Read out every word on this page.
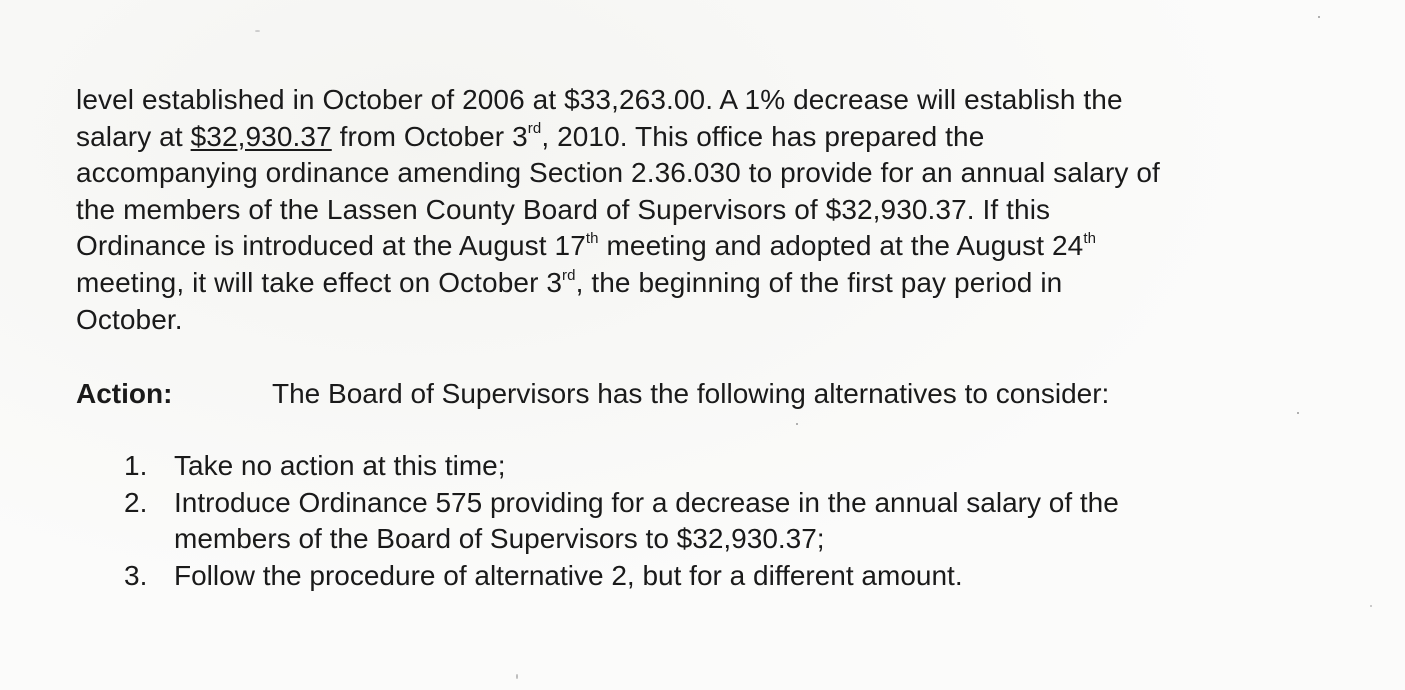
level established in October of 2006 at $33,263.00. A 1% decrease will establish the
salary at $32,930.37 from October 3rd, 2010. This office has prepared the
accompanying ordinance amending Section 2.36.030 to provide for an annual salary of
the members of the Lassen County Board of Supervisors of $32,930.37. If this
Ordinance is introduced at the August 17th meeting and adopted at the August 24th
meeting, it will take effect on October 3rd, the beginning of the first pay period in
October.
Action:	The Board of Supervisors has the following alternatives to consider:
1. Take no action at this time;
2. Introduce Ordinance 575 providing for a decrease in the annual salary of the
members of the Board of Supervisors to $32,930.37;
3. Follow the procedure of alternative 2, but for a different amount.
